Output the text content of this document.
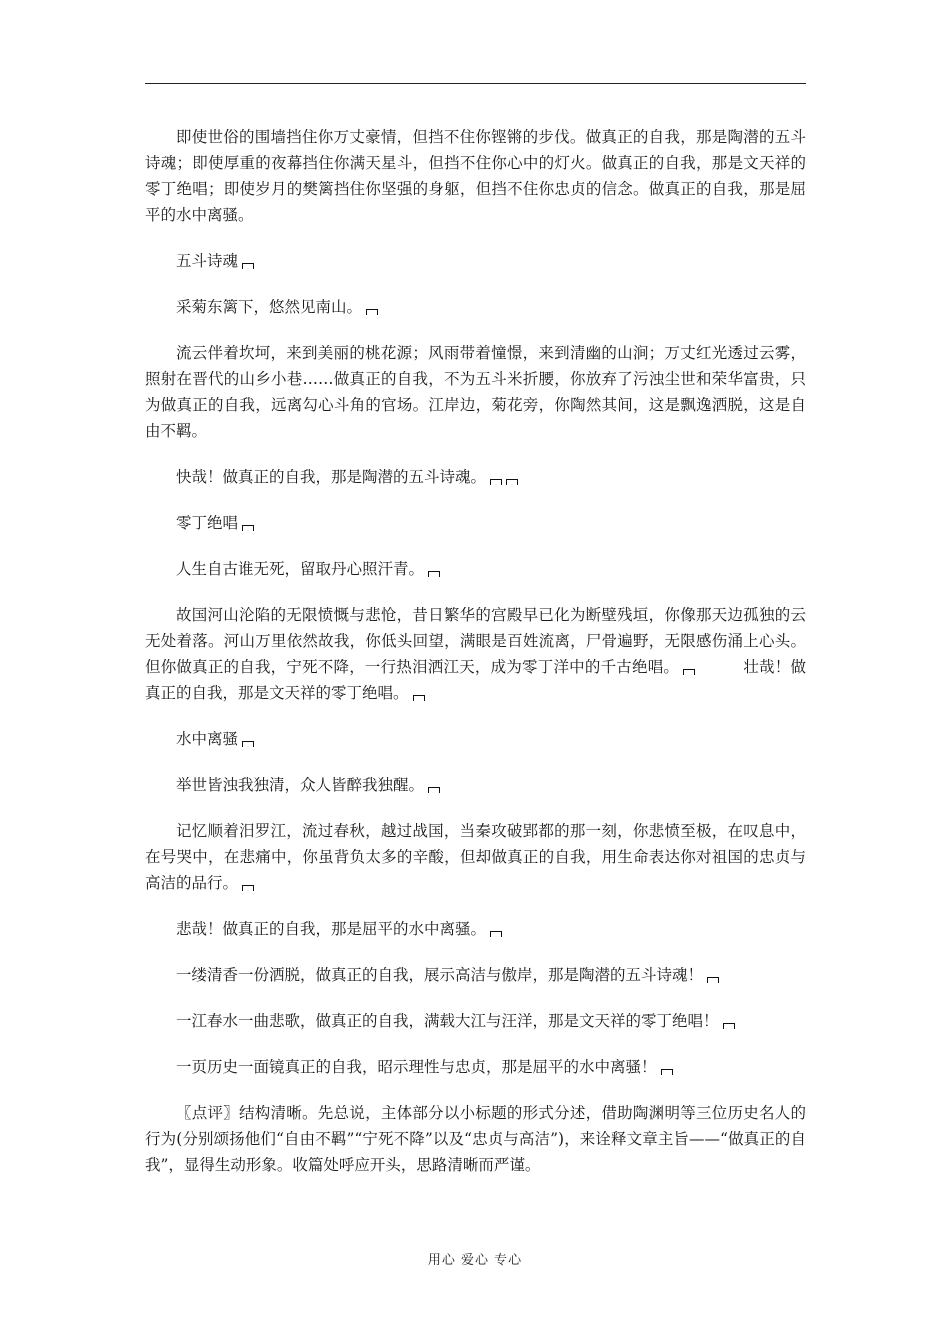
即使世俗的围墙挡住你万丈豪情，但挡不住你铿锵的步伐。做真正的自我，那是陶潜的五斗诗魂；即使厚重的夜幕挡住你满天星斗，但挡不住你心中的灯火。做真正的自我，那是文天祥的零丁绝唱；即使岁月的樊篱挡住你坚强的身躯，但挡不住你忠贞的信念。做真正的自我，那是屈平的水中离骚。

五斗诗魂

采菊东篱下，悠然见南山。

流云伴着坎坷，来到美丽的桃花源；风雨带着憧憬，来到清幽的山涧；万丈红光透过云雾，照射在晋代的山乡小巷……做真正的自我，不为五斗米折腰，你放弃了污浊尘世和荣华富贵，只为做真正的自我，远离勾心斗角的官场。江岸边，菊花旁，你陶然其间，这是飘逸洒脱，这是自由不羁。

快哉！做真正的自我，那是陶潜的五斗诗魂。

零丁绝唱

人生自古谁无死，留取丹心照汗青。

故国河山沦陷的无限愤慨与悲怆，昔日繁华的宫殿早已化为断壁残垣，你像那天边孤独的云无处着落。河山万里依然故我，你低头回望，满眼是百姓流离，尸骨遍野，无限感伤涌上心头。但你做真正的自我，宁死不降，一行热泪洒江天，成为零丁洋中的千古绝唱。	壮哉！做真正的自我，那是文天祥的零丁绝唱。

水中离骚

举世皆浊我独清，众人皆醉我独醒。

记忆顺着汨罗江，流过春秋，越过战国，当秦攻破郢都的那一刻，你悲愤至极，在叹息中，在号哭中，在悲痛中，你虽背负太多的辛酸，但却做真正的自我，用生命表达你对祖国的忠贞与高洁的品行。

悲哉！做真正的自我，那是屈平的水中离骚。

一缕清香一份洒脱，做真正的自我，展示高洁与傲岸，那是陶潜的五斗诗魂！

一江春水一曲悲歌，做真正的自我，满载大江与汪洋，那是文天祥的零丁绝唱！

一页历史一面镜真正的自我，昭示理性与忠贞，那是屈平的水中离骚！

〖点评〗结构清晰。先总说，主体部分以小标题的形式分述，借助陶渊明等三位历史名人的行为(分别颂扬他们“自由不羁”“宁死不降”以及“忠贞与高洁”)，来诠释文章主旨——“做真正的自我”，显得生动形象。收篇处呼应开头，思路清晰而严谨。

用心 爱心 专心
